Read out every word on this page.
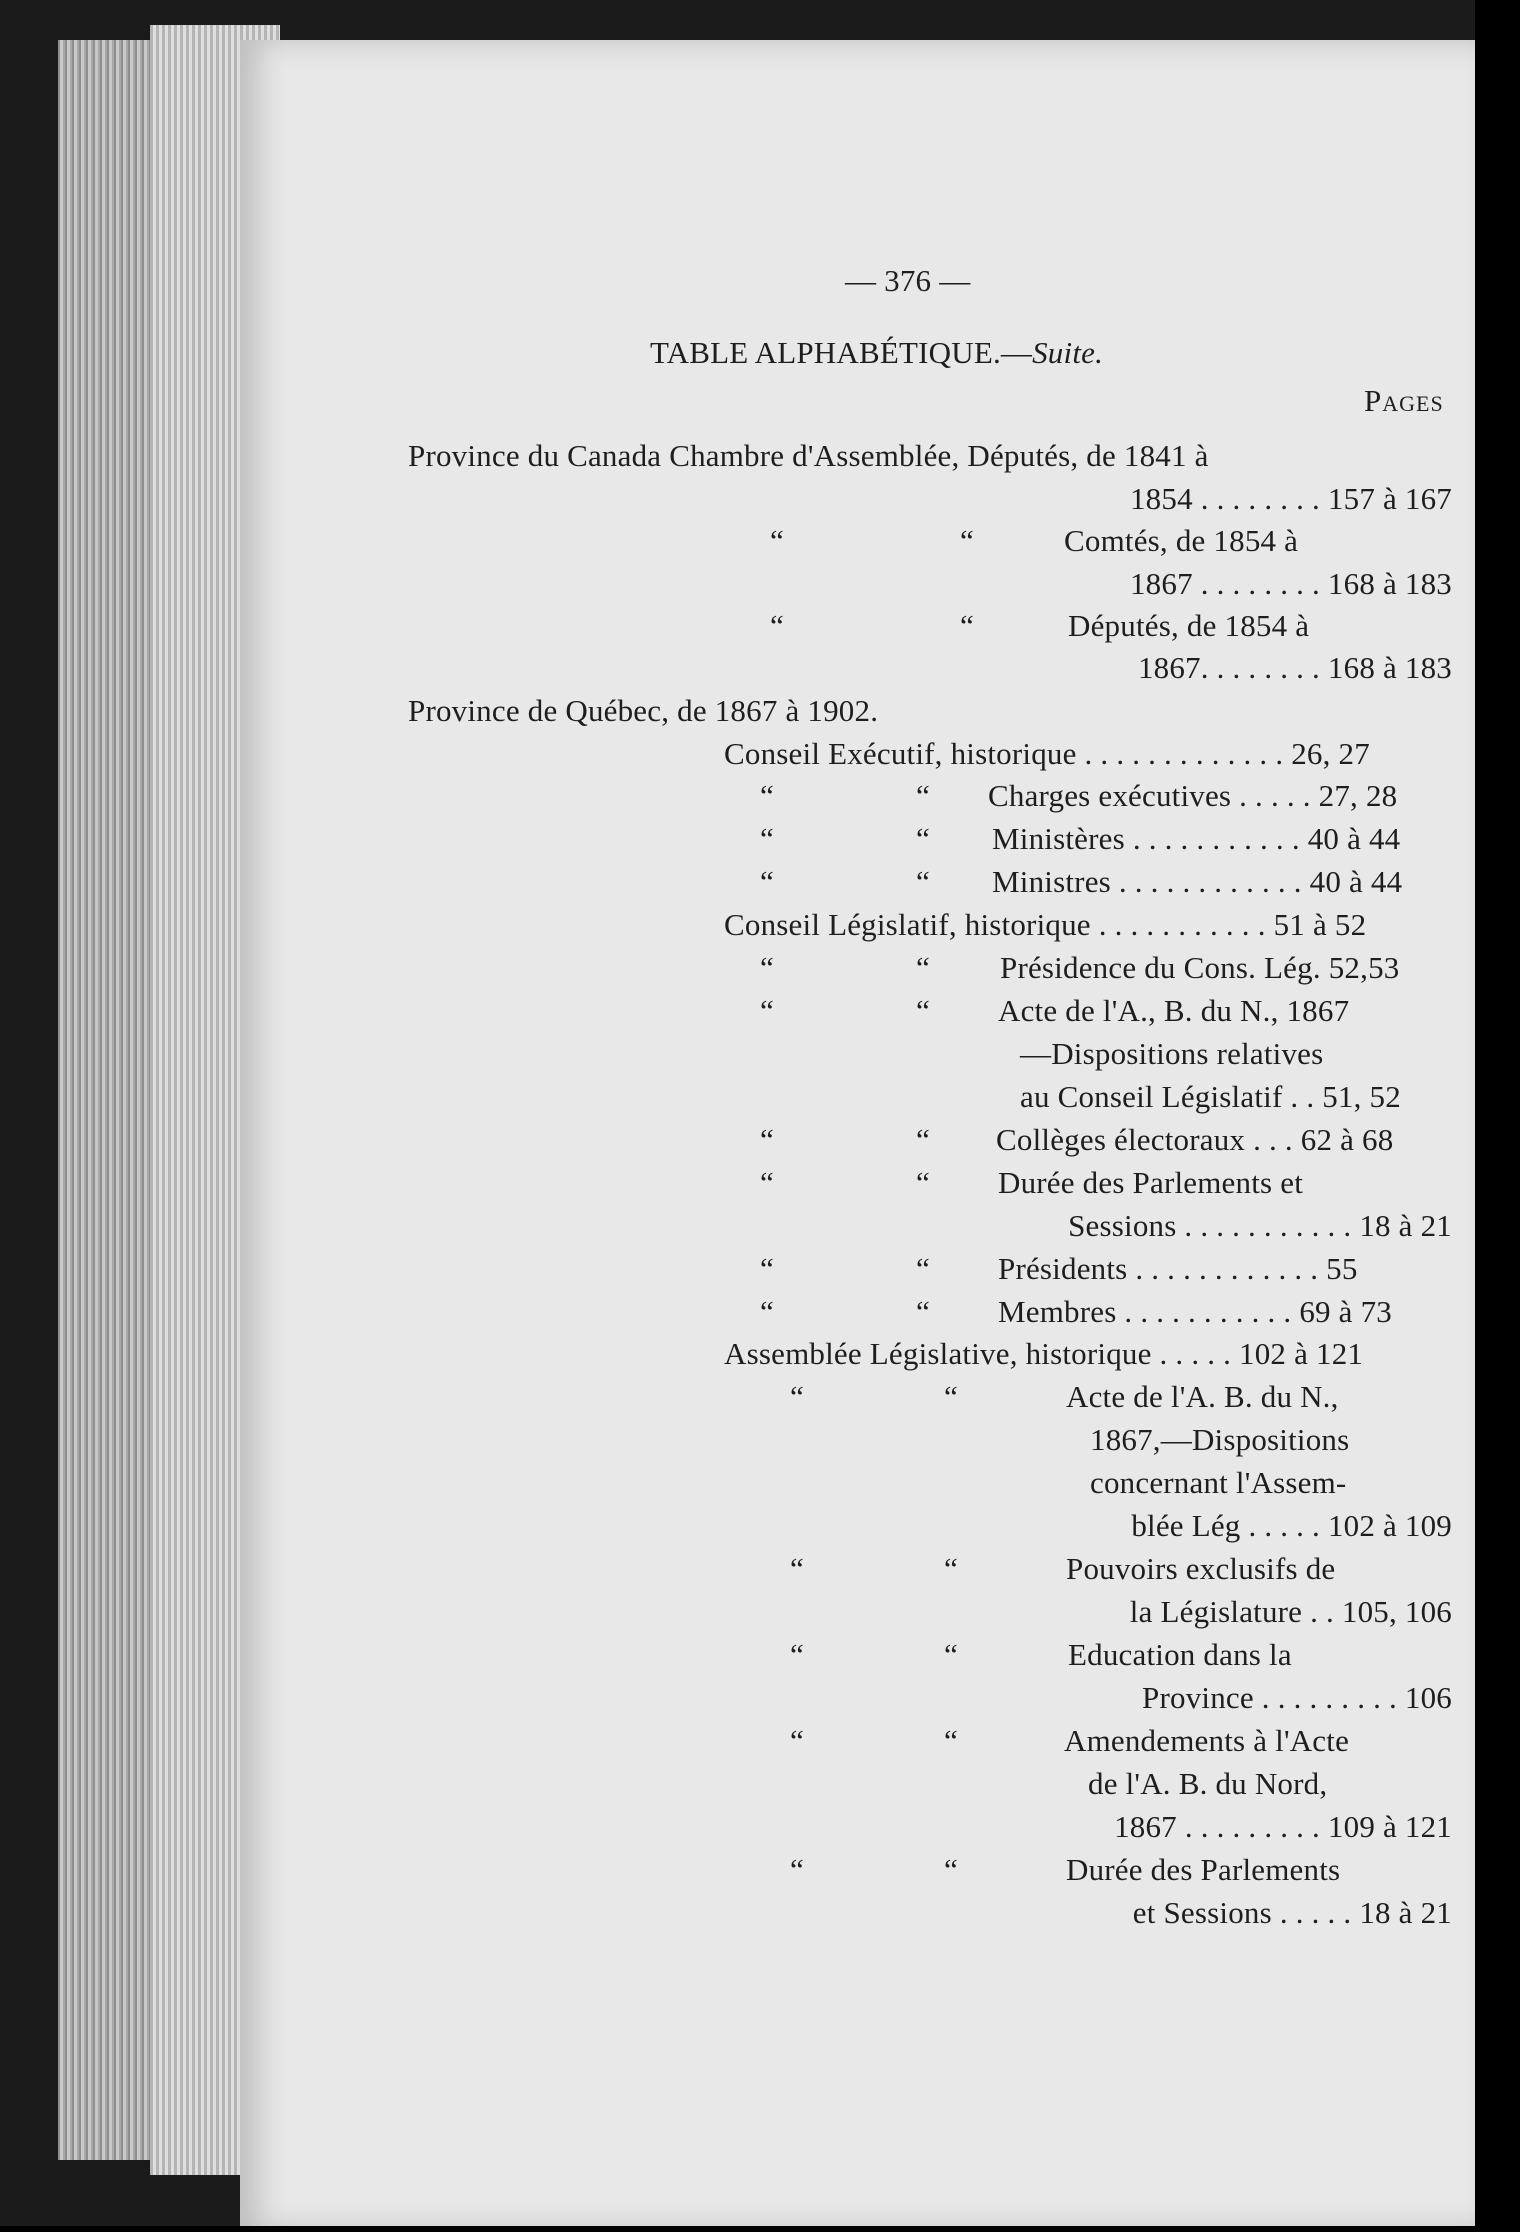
— 376 —
TABLE ALPHABÉTIQUE.—Suite.
Pages
Province du Canada Chambre d'Assemblée, Députés, de 1841 à
1854 . . . . . . . . 157 à 167
“	“	Comtés, de 1854 à
1867 . . . . . . . . 168 à 183
“	“	Députés, de 1854 à
1867. . . . . . . . 168 à 183
Province de Québec, de 1867 à 1902.
Conseil Exécutif, historique . . . . . . . . . . . . . 26, 27
“	“ Charges exécutives . . . . . 27, 28
“	“ Ministères . . . . . . . . . . . 40 à 44
“	“ Ministres . . . . . . . . . . . . 40 à 44
Conseil Législatif, historique . . . . . . . . . . . 51 à 52
“	“ Présidence du Cons. Lég. 52,53
“	“ Acte de l'A., B. du N., 1867
—Dispositions relatives
au Conseil Législatif . . 51, 52
“	“ Collèges électoraux . . . 62 à 68
“	“ Durée des Parlements et
Sessions . . . . . . . . . . . 18 à 21
“	“ Présidents . . . . . . . . . . . . 55
“	“ Membres . . . . . . . . . . . 69 à 73
Assemblée Législative, historique . . . . . 102 à 121
“	“	Acte de l'A. B. du N.,
1867,—Dispositions
concernant l'Assem-
blée Lég . . . . . 102 à 109
“	“	Pouvoirs exclusifs de
la Législature . . 105, 106
“	“	Education dans la
Province . . . . . . . . . 106
“	“	Amendements à l'Acte
de l'A. B. du Nord,
1867 . . . . . . . . . 109 à 121
“	“	Durée des Parlements
et Sessions . . . . . 18 à 21
